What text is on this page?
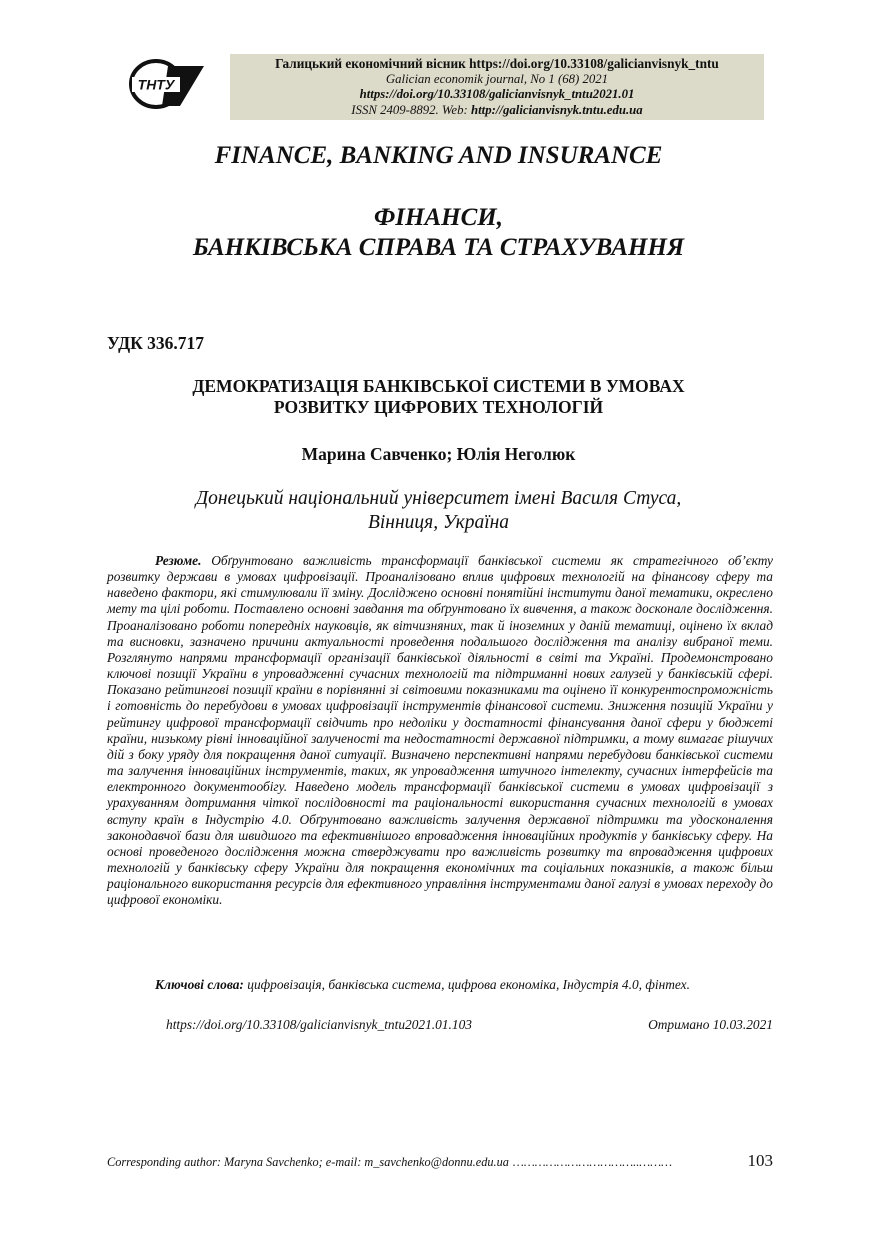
ТНТУ
Галицький економічний вісник https://doi.org/10.33108/galicianvisnyk_tntu
Galician economik journal, No 1 (68) 2021
https://doi.org/10.33108/galicianvisnyk_tntu2021.01
ISSN 2409-8892. Web: http://galicianvisnyk.tntu.edu.ua
FINANCE, BANKING AND INSURANCE
ФІНАНСИ,
БАНКІВСЬКА СПРАВА ТА СТРАХУВАННЯ

УДК 336.717

ДЕМОКРАТИЗАЦІЯ БАНКІВСЬКОЇ СИСТЕМИ В УМОВАХ
РОЗВИТКУ ЦИФРОВИХ ТЕХНОЛОГІЙ

Марина Савченко; Юлія Неголюк

Донецький національний університет імені Василя Стуса,
Вінниця, Україна

Резюме. Обґрунтовано важливість трансформації банківської системи як стратегічного об’єкту розвитку держави в умовах цифровізації. Проаналізовано вплив цифрових технологій на фінансову сферу та наведено фактори, які стимулювали її зміну. Досліджено основні понятійні інститути даної тематики, окреслено мету та цілі роботи. Поставлено основні завдання та обґрунтовано їх вивчення, а також досконале дослідження. Проаналізовано роботи попередніх науковців, як вітчизняних, так й іноземних у даній тематиці, оцінено їх вклад та висновки, зазначено причини актуальності проведення подальшого дослідження та аналізу вибраної теми. Розглянуто напрями трансформації організації банківської діяльності в світі та Україні. Продемонстровано ключові позиції України в упровадженні сучасних технологій та підтриманні нових галузей у банківській сфері. Показано рейтингові позиції країни в порівнянні зі світовими показниками та оцінено її конкурентоспроможність і готовність до перебудови в умовах цифровізації інструментів фінансової системи. Зниження позицій України у рейтингу цифрової трансформації свідчить про недоліки у достатності фінансування даної сфери у бюджеті країни, низькому рівні інноваційної залученості та недостатності державної підтримки, а тому вимагає рішучих дій з боку уряду для покращення даної ситуації. Визначено перспективні напрями перебудови банківської системи та залучення інноваційних інструментів, таких, як упровадження штучного інтелекту, сучасних інтерфейсів та електронного документообігу. Наведено модель трансформації банківської системи в умовах цифровізації з урахуванням дотримання чіткої послідовності та раціональності використання сучасних технологій в умовах вступу країн в Індустрію 4.0. Обґрунтовано важливість залучення державної підтримки та удосконалення законодавчої бази для швидшого та ефективнішого впровадження інноваційних продуктів у банківську сферу. На основі проведеного дослідження можна стверджувати про важливість розвитку та впровадження цифрових технологій у банківську сферу України для покращення економічних та соціальних показників, а також більш раціонального використання ресурсів для ефективного управління інструментами даної галузі в умовах переходу до цифрової економіки.

Ключові слова: цифровізація, банківська система, цифрова економіка, Індустрія 4.0, фінтех.

https://doi.org/10.33108/galicianvisnyk_tntu2021.01.103	Отримано 10.03.2021

Corresponding author: Maryna Savchenko; e-mail: m_savchenko@donnu.edu.ua ……………………………..………	103
